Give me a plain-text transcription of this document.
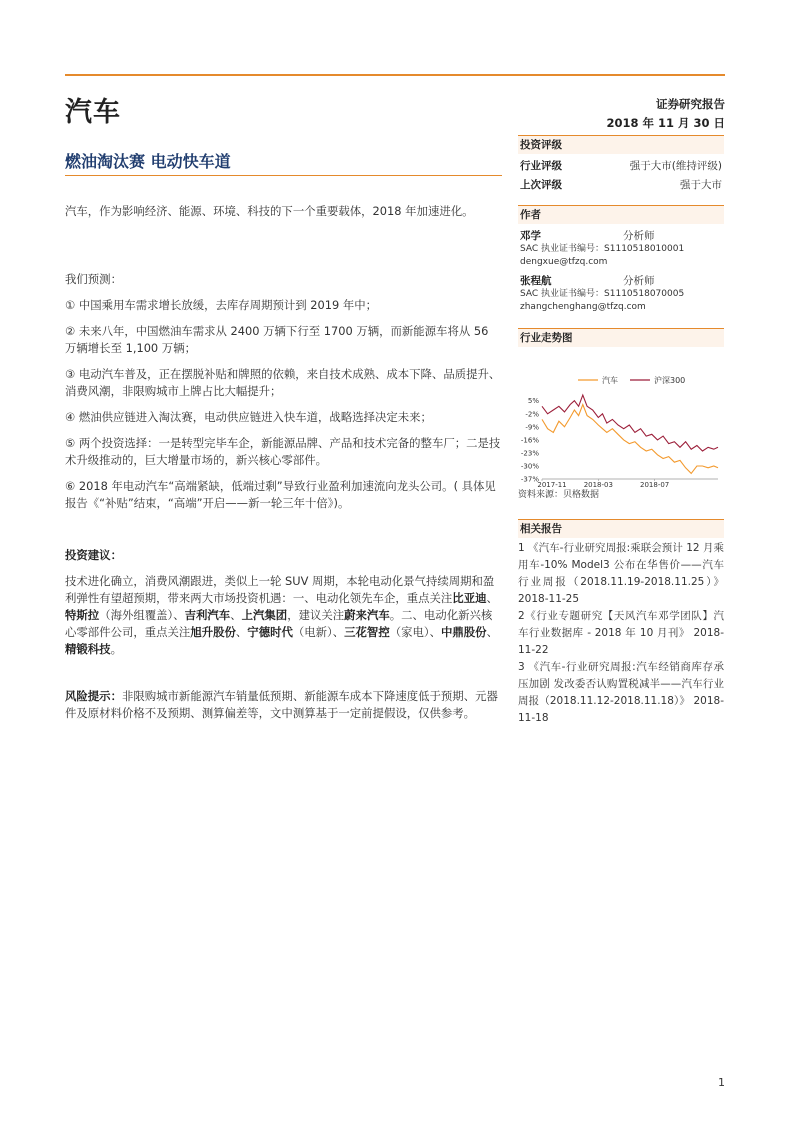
汽车	证券研究报告
2018 年 11 月 30 日
燃油淘汰赛 电动快车道

汽车，作为影响经济、能源、环境、科技的下一个重要载体，2018 年加速进化。

我们预测：

① 中国乘用车需求增长放缓，去库存周期预计到 2019 年中；

② 未来八年，中国燃油车需求从 2400 万辆下行至 1700 万辆，而新能源车将从 56 万辆增长至 1,100 万辆；

③ 电动汽车普及，正在摆脱补贴和牌照的依赖，来自技术成熟、成本下降、品质提升、消费风潮，非限购城市上牌占比大幅提升；

④ 燃油供应链进入淘汰赛，电动供应链进入快车道，战略选择决定未来；

⑤ 两个投资选择：一是转型完毕车企，新能源品牌、产品和技术完备的整车厂；二是技术升级推动的，巨大增量市场的，新兴核心零部件。

⑥ 2018 年电动汽车“高端紧缺，低端过剩”导致行业盈利加速流向龙头公司。( 具体见报告《“补贴”结束，“高端”开启——新一轮三年十倍》)。

投资建议：

技术进化确立，消费风潮跟进，类似上一轮 SUV 周期，本轮电动化景气持续周期和盈利弹性有望超预期，带来两大市场投资机遇：一、电动化领先车企，重点关注比亚迪、特斯拉（海外组覆盖）、吉利汽车、上汽集团，建议关注蔚来汽车。二、电动化新兴核心零部件公司，重点关注旭升股份、宁德时代（电新）、三花智控（家电）、中鼎股份、精锻科技。

风险提示：非限购城市新能源汽车销量低预期、新能源车成本下降速度低于预期、元器件及原材料价格不及预期、测算偏差等，文中测算基于一定前提假设，仅供参考。

投资评级
行业评级	强于大市(维持评级)
上次评级	强于大市
作者
邓学	分析师
SAC 执业证书编号：S1110518010001
dengxue@tfzq.com
张程航	分析师
SAC 执业证书编号：S1110518070005
zhangchenghang@tfzq.com
行业走势图
汽车	沪深300
5%
-2%
-9%
-16%
-23%
-30%
-37%
2017-11 2018-03	2018-07
资料来源：贝格数据
相关报告
1 《汽车-行业研究周报:乘联会预计 12 月乘用车-10% Model3 公布在华售价——汽车行业周报（2018.11.19-2018.11.25）》 2018-11-25
2《行业专题研究【天风汽车邓学团队】汽车行业数据库 - 2018 年 10 月刊》 2018-11-22
3 《汽车-行业研究周报:汽车经销商库存承压加剧 发改委否认购置税减半——汽车行业周报（2018.11.12-2018.11.18）》 2018-11-18
1
